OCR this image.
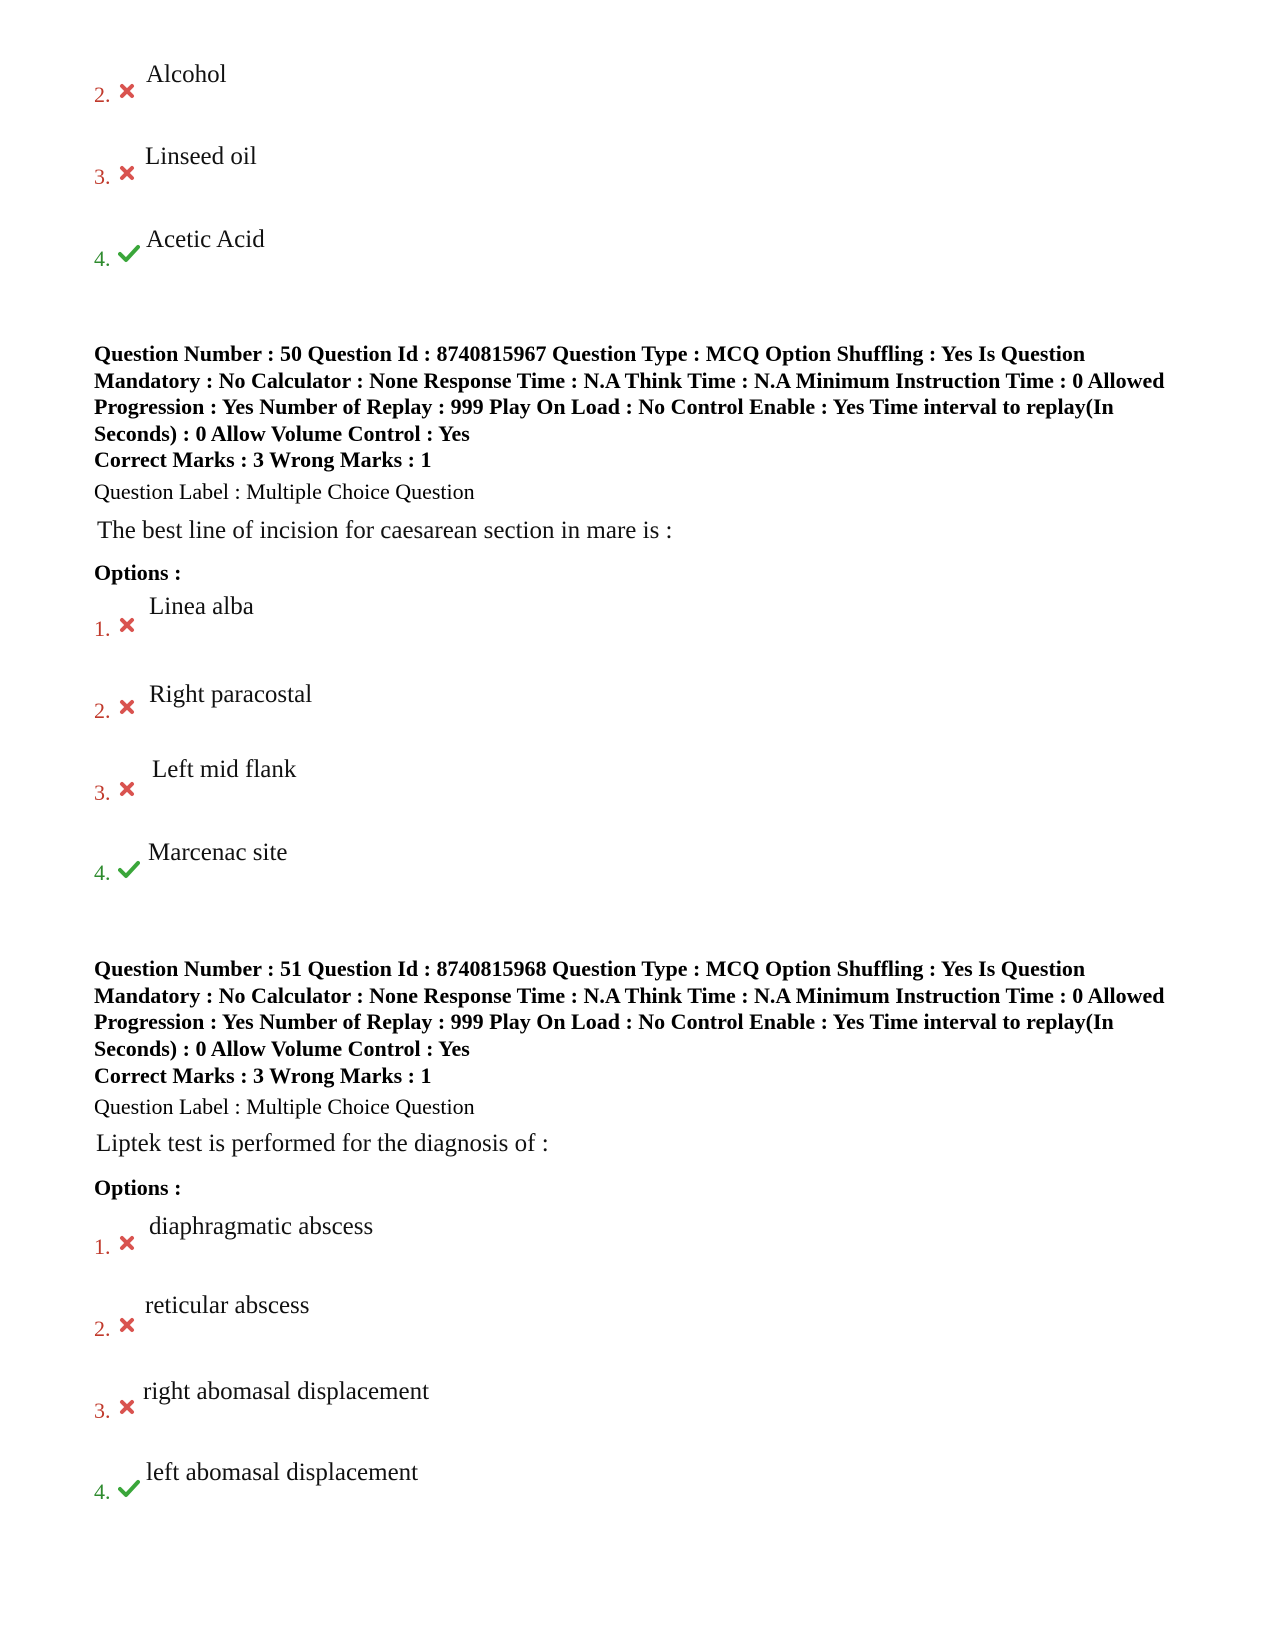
2.
Alcohol
3.
Linseed oil
4.
Acetic Acid
Question Number : 50 Question Id : 8740815967 Question Type : MCQ Option Shuffling : Yes Is Question Mandatory : No Calculator : None Response Time : N.A Think Time : N.A Minimum Instruction Time : 0 Allowed Progression : Yes Number of Replay : 999 Play On Load : No Control Enable : Yes Time interval to replay(In Seconds) : 0 Allow Volume Control : Yes
Correct Marks : 3 Wrong Marks : 1
Question Label : Multiple Choice Question
The best line of incision for caesarean section in mare is :
Options :
1.
Linea alba
2.
Right paracostal
3.
Left mid flank
4.
Marcenac site
Question Number : 51 Question Id : 8740815968 Question Type : MCQ Option Shuffling : Yes Is Question Mandatory : No Calculator : None Response Time : N.A Think Time : N.A Minimum Instruction Time : 0 Allowed Progression : Yes Number of Replay : 999 Play On Load : No Control Enable : Yes Time interval to replay(In Seconds) : 0 Allow Volume Control : Yes
Correct Marks : 3 Wrong Marks : 1
Question Label : Multiple Choice Question
Liptek test is performed for the diagnosis of :
Options :
1.
diaphragmatic abscess
2.
reticular abscess
3.
right abomasal displacement
4.
left abomasal displacement
